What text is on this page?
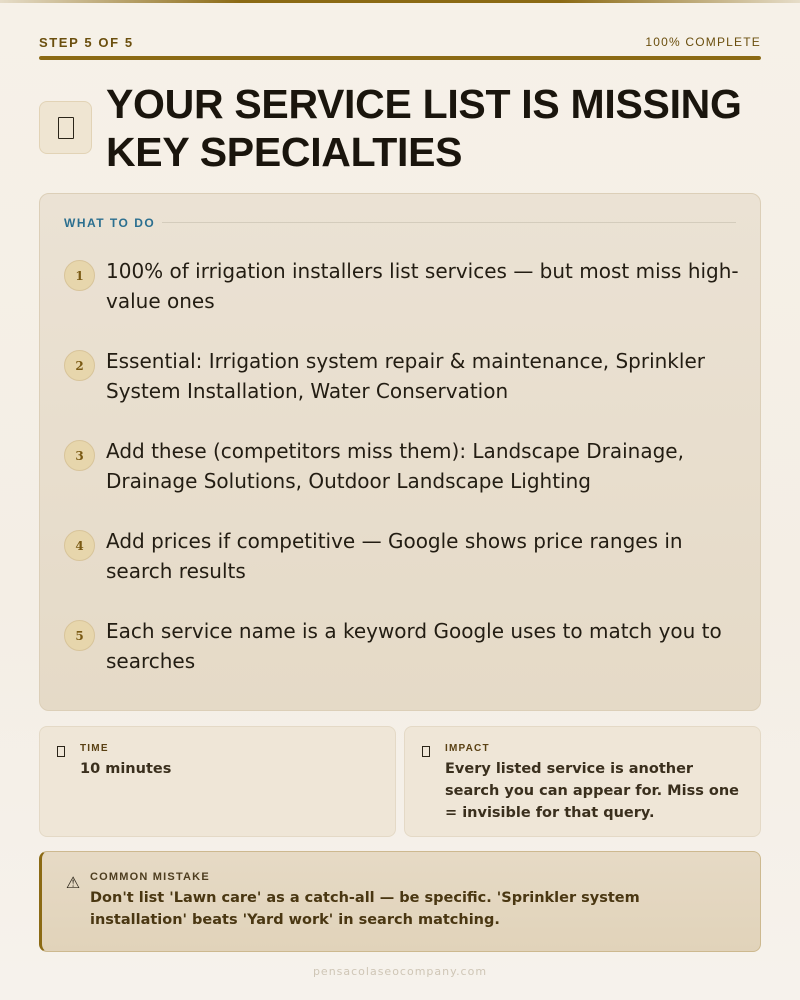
STEP 5 OF 5	100% COMPLETE
YOUR SERVICE LIST IS MISSING KEY SPECIALTIES
WHAT TO DO
1	100% of irrigation installers list services — but most miss high-value ones
2	Essential: Irrigation system repair & maintenance, Sprinkler System Installation, Water Conservation
3	Add these (competitors miss them): Landscape Drainage, Drainage Solutions, Outdoor Landscape Lighting
4	Add prices if competitive — Google shows price ranges in search results
5	Each service name is a keyword Google uses to match you to searches
TIME
10 minutes
IMPACT
Every listed service is another search you can appear for. Miss one = invisible for that query.
⚠ COMMON MISTAKE
Don't list 'Lawn care' as a catch-all — be specific. 'Sprinkler system installation' beats 'Yard work' in search matching.
pensacolaseocompany.com
